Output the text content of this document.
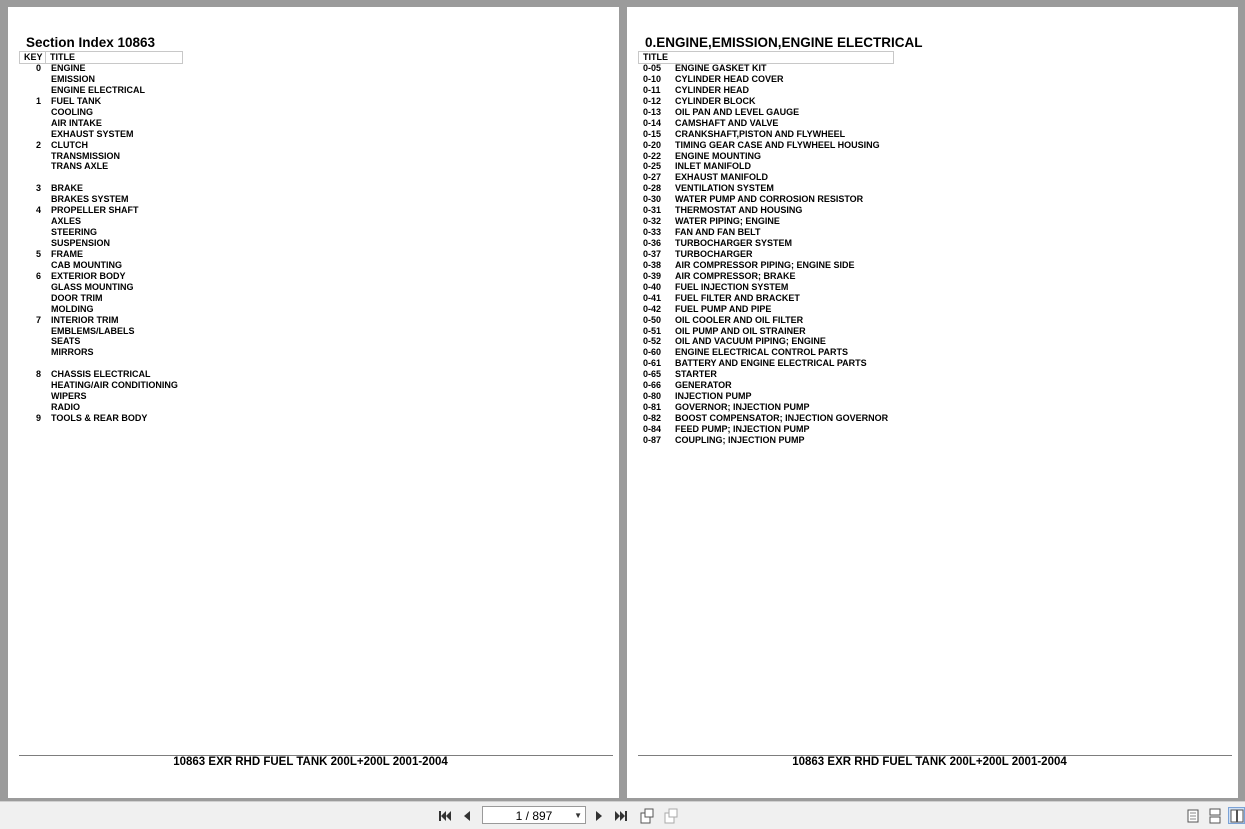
Section Index 10863
KEY TITLE
0 ENGINE
EMISSION
ENGINE ELECTRICAL
1 FUEL TANK
COOLING
AIR INTAKE
EXHAUST SYSTEM
2 CLUTCH
TRANSMISSION
TRANS AXLE
3 BRAKE
BRAKES SYSTEM
4 PROPELLER SHAFT
AXLES
STEERING
SUSPENSION
5 FRAME
CAB MOUNTING
6 EXTERIOR BODY
GLASS MOUNTING
DOOR TRIM
MOLDING
7 INTERIOR TRIM
EMBLEMS/LABELS
SEATS
MIRRORS
8 CHASSIS ELECTRICAL
HEATING/AIR CONDITIONING
WIPERS
RADIO
9 TOOLS & REAR BODY
10863 EXR RHD FUEL TANK 200L+200L 2001-2004
0.ENGINE,EMISSION,ENGINE ELECTRICAL
TITLE
0-05 ENGINE GASKET KIT
0-10 CYLINDER HEAD COVER
0-11 CYLINDER HEAD
0-12 CYLINDER BLOCK
0-13 OIL PAN AND LEVEL GAUGE
0-14 CAMSHAFT AND VALVE
0-15 CRANKSHAFT,PISTON AND FLYWHEEL
0-20 TIMING GEAR CASE AND FLYWHEEL HOUSING
0-22 ENGINE MOUNTING
0-25 INLET MANIFOLD
0-27 EXHAUST MANIFOLD
0-28 VENTILATION SYSTEM
0-30 WATER PUMP AND CORROSION RESISTOR
0-31 THERMOSTAT AND HOUSING
0-32 WATER PIPING; ENGINE
0-33 FAN AND FAN BELT
0-36 TURBOCHARGER SYSTEM
0-37 TURBOCHARGER
0-38 AIR COMPRESSOR PIPING; ENGINE SIDE
0-39 AIR COMPRESSOR; BRAKE
0-40 FUEL INJECTION SYSTEM
0-41 FUEL FILTER AND BRACKET
0-42 FUEL PUMP AND PIPE
0-50 OIL COOLER AND OIL FILTER
0-51 OIL PUMP AND OIL STRAINER
0-52 OIL AND VACUUM PIPING; ENGINE
0-60 ENGINE ELECTRICAL CONTROL PARTS
0-61 BATTERY AND ENGINE ELECTRICAL PARTS
0-65 STARTER
0-66 GENERATOR
0-80 INJECTION PUMP
0-81 GOVERNOR; INJECTION PUMP
0-82 BOOST COMPENSATOR; INJECTION GOVERNOR
0-84 FEED PUMP; INJECTION PUMP
0-87 COUPLING; INJECTION PUMP
10863 EXR RHD FUEL TANK 200L+200L 2001-2004
1 / 897	▼
